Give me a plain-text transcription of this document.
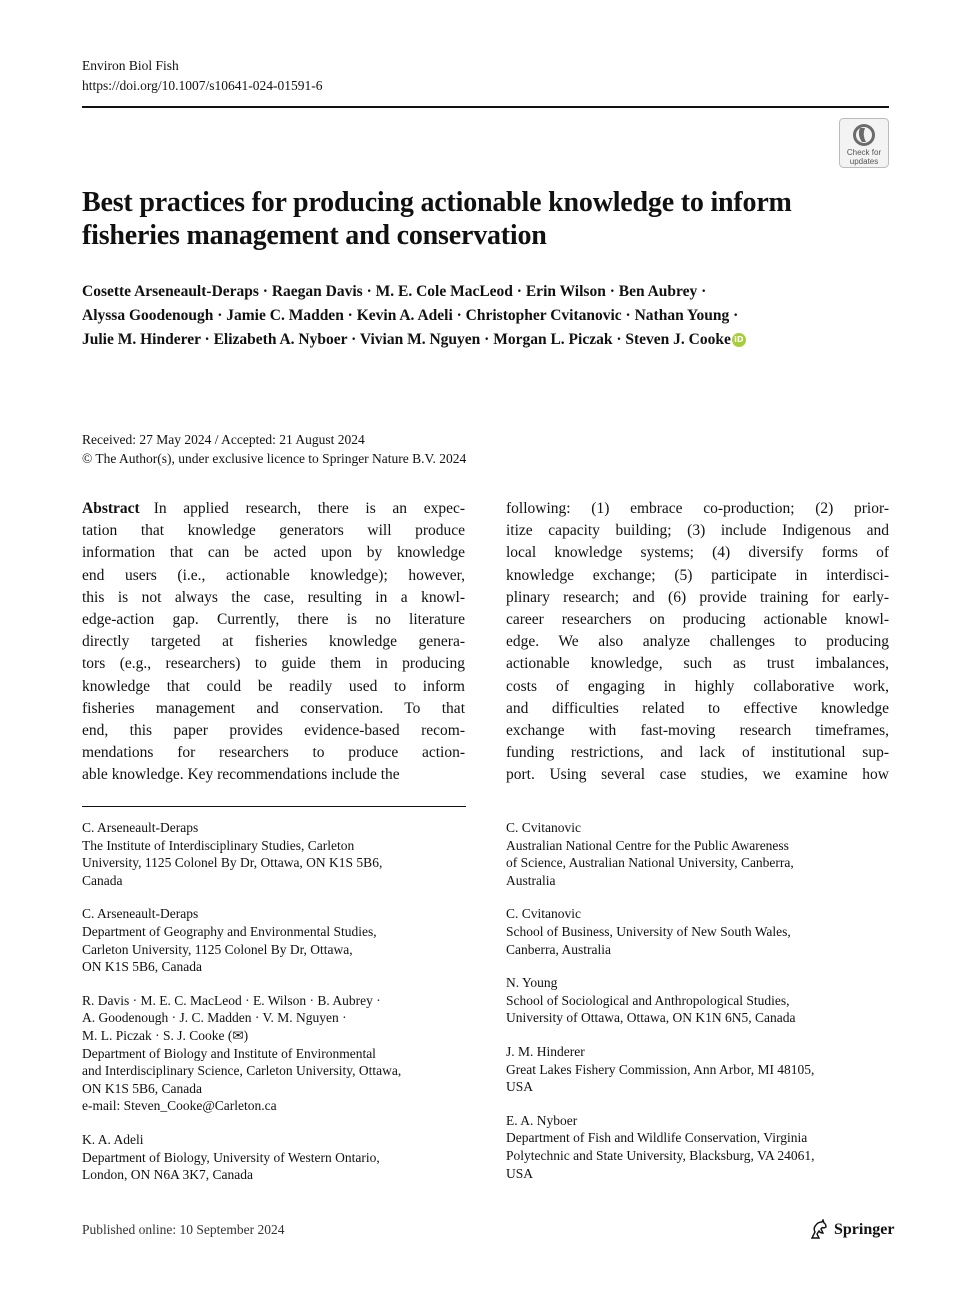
Environ Biol Fish
https://doi.org/10.1007/s10641-024-01591-6
Check for
updates
Best practices for producing actionable knowledge to inform
fisheries management and conservation
Cosette Arseneault-Deraps · Raegan Davis · M. E. Cole MacLeod · Erin Wilson · Ben Aubrey ·
Alyssa Goodenough · Jamie C. Madden · Kevin A. Adeli · Christopher Cvitanovic · Nathan Young ·
Julie M. Hinderer · Elizabeth A. Nyboer · Vivian M. Nguyen · Morgan L. Piczak · Steven J. Cooke iD
Received: 27 May 2024 / Accepted: 21 August 2024
© The Author(s), under exclusive licence to Springer Nature B.V. 2024
Abstract In applied research, there is an expec-
tation that knowledge generators will produce
information that can be acted upon by knowledge
end users (i.e., actionable knowledge); however,
this is not always the case, resulting in a knowl-
edge-action gap. Currently, there is no literature
directly targeted at fisheries knowledge genera-
tors (e.g., researchers) to guide them in producing
knowledge that could be readily used to inform
fisheries management and conservation. To that
end, this paper provides evidence-based recom-
mendations for researchers to produce action-
able knowledge. Key recommendations include the
following: (1) embrace co-production; (2) prior-
itize capacity building; (3) include Indigenous and
local knowledge systems; (4) diversify forms of
knowledge exchange; (5) participate in interdisci-
plinary research; and (6) provide training for early-
career researchers on producing actionable knowl-
edge. We also analyze challenges to producing
actionable knowledge, such as trust imbalances,
costs of engaging in highly collaborative work,
and difficulties related to effective knowledge
exchange with fast-moving research timeframes,
funding restrictions, and lack of institutional sup-
port. Using several case studies, we examine how
C. Arseneault-Deraps
The Institute of Interdisciplinary Studies, Carleton
University, 1125 Colonel By Dr, Ottawa, ON K1S 5B6,
Canada
C. Arseneault-Deraps
Department of Geography and Environmental Studies,
Carleton University, 1125 Colonel By Dr, Ottawa,
ON K1S 5B6, Canada
R. Davis · M. E. C. MacLeod · E. Wilson · B. Aubrey ·
A. Goodenough · J. C. Madden · V. M. Nguyen ·
M. L. Piczak · S. J. Cooke (✉)
Department of Biology and Institute of Environmental
and Interdisciplinary Science, Carleton University, Ottawa,
ON K1S 5B6, Canada
e-mail: Steven_Cooke@Carleton.ca
K. A. Adeli
Department of Biology, University of Western Ontario,
London, ON N6A 3K7, Canada
C. Cvitanovic
Australian National Centre for the Public Awareness
of Science, Australian National University, Canberra,
Australia
C. Cvitanovic
School of Business, University of New South Wales,
Canberra, Australia
N. Young
School of Sociological and Anthropological Studies,
University of Ottawa, Ottawa, ON K1N 6N5, Canada
J. M. Hinderer
Great Lakes Fishery Commission, Ann Arbor, MI 48105,
USA
E. A. Nyboer
Department of Fish and Wildlife Conservation, Virginia
Polytechnic and State University, Blacksburg, VA 24061,
USA
Published online: 10 September 2024	Springer
